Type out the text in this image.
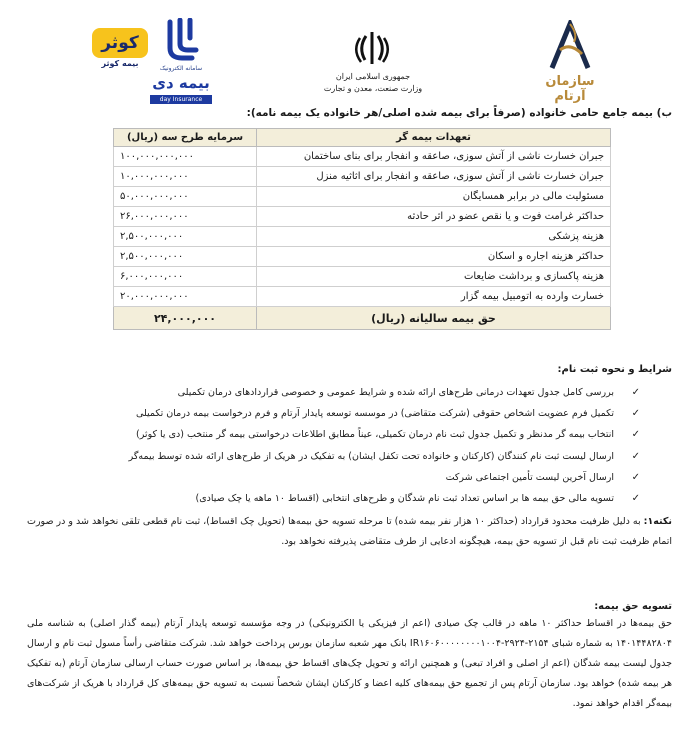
کوثر
بیمه کوثر
سامانه الکترونیک
بیمه دی
day Insurance
جمهوری اسلامی ایران
وزارت صنعت، معدن و تجارت	سازمان آرتام
ب) بیمه جامع حامی خانواده (صرفاً برای بیمه شده اصلی/هر خانواده یک بیمه نامه):
تعهدات بیمه گر	سرمایه طرح سه (ریال)
جبران خسارت ناشی از آتش سوزی، صاعقه و انفجار برای بنای ساختمان	۱۰۰,۰۰۰,۰۰۰,۰۰۰
جبران خسارت ناشی از آتش سوزی، صاعقه و انفجار برای اثاثیه منزل	۱۰,۰۰۰,۰۰۰,۰۰۰
مسئولیت مالی در برابر همسایگان	۵۰,۰۰۰,۰۰۰,۰۰۰
حداکثر غرامت فوت و یا نقص عضو در اثر حادثه	۲۶,۰۰۰,۰۰۰,۰۰۰
هزینه پزشکی	۲,۵۰۰,۰۰۰,۰۰۰
حداکثر هزینه اجاره و اسکان	۲,۵۰۰,۰۰۰,۰۰۰
هزینه پاکسازی و برداشت ضایعات	۶,۰۰۰,۰۰۰,۰۰۰
خسارت وارده به اتومبیل بیمه گزار	۲۰,۰۰۰,۰۰۰,۰۰۰
حق بیمه سالیانه (ریال)	۲۴,۰۰۰,۰۰۰
شرایط و نحوه ثبت نام:
✓
بررسی کامل جدول تعهدات درمانی طرح‌های ارائه شده و شرایط عمومی و خصوصی قراردادهای درمان تکمیلی
✓
تکمیل فرم عضویت اشخاص حقوقی (شرکت متقاضی) در موسسه توسعه پایدار آرتام و فرم درخواست بیمه درمان تکمیلی
✓
انتخاب بیمه گر مدنظر و تکمیل جدول ثبت نام درمان تکمیلی، عیناً مطابق اطلاعات درخواستی بیمه گر منتخب (دی یا کوثر)
✓
ارسال لیست ثبت نام کنندگان (کارکنان و خانواده تحت تکفل ایشان) به تفکیک در هریک از طرح‌های ارائه شده توسط بیمه‌گر
✓
ارسال آخرین لیست تأمین اجتماعی شرکت
✓
تسویه مالی حق بیمه ها بر اساس تعداد ثبت نام شدگان و طرح‌های انتخابی (اقساط ۱۰ ماهه یا چک صیادی)
نکته۱: به دلیل ظرفیت محدود قرارداد (حداکثر ۱۰ هزار نفر بیمه شده) تا مرحله تسویه حق بیمه‌ها (تحویل چک اقساط)، ثبت نام قطعی تلقی نخواهد شد و در صورت اتمام ظرفیت ثبت نام قبل از تسویه حق بیمه، هیچگونه ادعایی از طرف متقاضی پذیرفته نخواهد بود.
تسویه حق بیمه:
حق بیمه‌ها در اقساط حداکثر ۱۰ ماهه در قالب چک صیادی (اعم از فیزیکی یا الکترونیکی) در وجه مؤسسه توسعه پایدار آرتام (بیمه گذار اصلی) به شناسه ملی ۱۴۰۱۴۴۸۲۸۰۴ به شماره شبای IR۱۶۰۶۰۰۰۰۰۰۰۰۱۰۰۴-۲۹۲۴-۲۱۵۴ بانک مهر شعبه سازمان بورس پرداخت خواهد شد. شرکت متقاضی رأساً مسول ثبت نام و ارسال جدول لیست بیمه شدگان (اعم از اصلی و افراد تبعی) و همچنین ارائه و تحویل چک‌های اقساط حق بیمه‌ها، بر اساس صورت حساب ارسالی سازمان آرتام (به تفکیک هر بیمه شده) خواهد بود. سازمان آرتام پس از تجمیع حق بیمه‌های کلیه اعضا و کارکنان ایشان شخصاً نسبت به تسویه حق بیمه‌های کل قرارداد با هریک از شرکت‌های بیمه‌گر اقدام خواهد نمود.
